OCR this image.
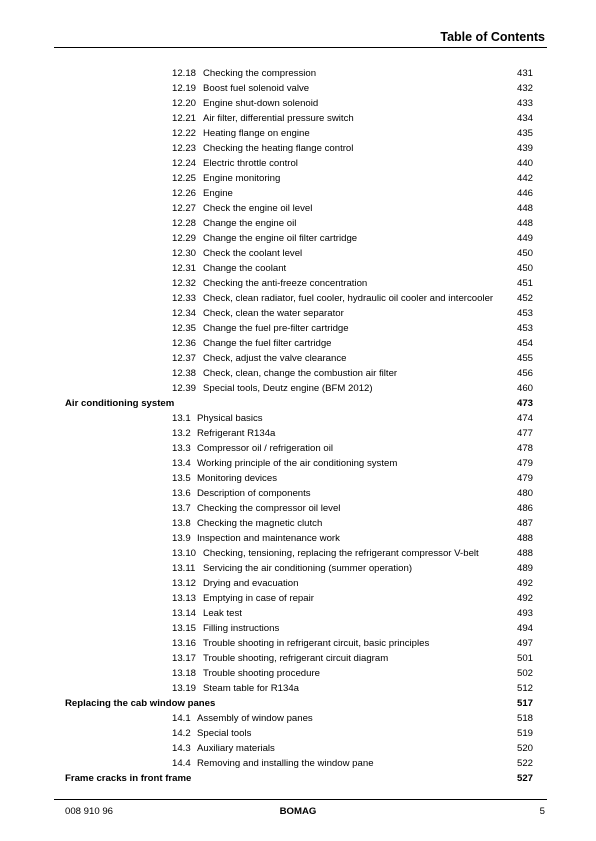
Table of Contents
12.18 Checking the compression	431
12.19 Boost fuel solenoid valve	432
12.20 Engine shut-down solenoid	433
12.21 Air filter, differential pressure switch	434
12.22 Heating flange on engine	435
12.23 Checking the heating flange control	439
12.24 Electric throttle control	440
12.25 Engine monitoring	442
12.26 Engine	446
12.27 Check the engine oil level	448
12.28 Change the engine oil	448
12.29 Change the engine oil filter cartridge	449
12.30 Check the coolant level	450
12.31 Change the coolant	450
12.32 Checking the anti-freeze concentration	451
12.33 Check, clean radiator, fuel cooler, hydraulic oil cooler and intercooler 452
12.34 Check, clean the water separator	453
12.35 Change the fuel pre-filter cartridge	453
12.36 Change the fuel filter cartridge	454
12.37 Check, adjust the valve clearance	455
12.38 Check, clean, change the combustion air filter	456
12.39 Special tools, Deutz engine (BFM 2012)	460
Air conditioning system	473
13.1 Physical basics	474
13.2 Refrigerant R134a	477
13.3 Compressor oil / refrigeration oil	478
13.4 Working principle of the air conditioning system	479
13.5 Monitoring devices	479
13.6 Description of components	480
13.7 Checking the compressor oil level	486
13.8 Checking the magnetic clutch	487
13.9 Inspection and maintenance work	488
13.10 Checking, tensioning, replacing the refrigerant compressor V-belt	488
13.11 Servicing the air conditioning (summer operation)	489
13.12 Drying and evacuation	492
13.13 Emptying in case of repair	492
13.14 Leak test	493
13.15 Filling instructions	494
13.16 Trouble shooting in refrigerant circuit, basic principles	497
13.17 Trouble shooting, refrigerant circuit diagram	501
13.18 Trouble shooting procedure	502
13.19 Steam table for R134a	512
Replacing the cab window panes	517
14.1 Assembly of window panes	518
14.2 Special tools	519
14.3 Auxiliary materials	520
14.4 Removing and installing the window pane	522
Frame cracks in front frame	527
008 910 96	BOMAG	5
